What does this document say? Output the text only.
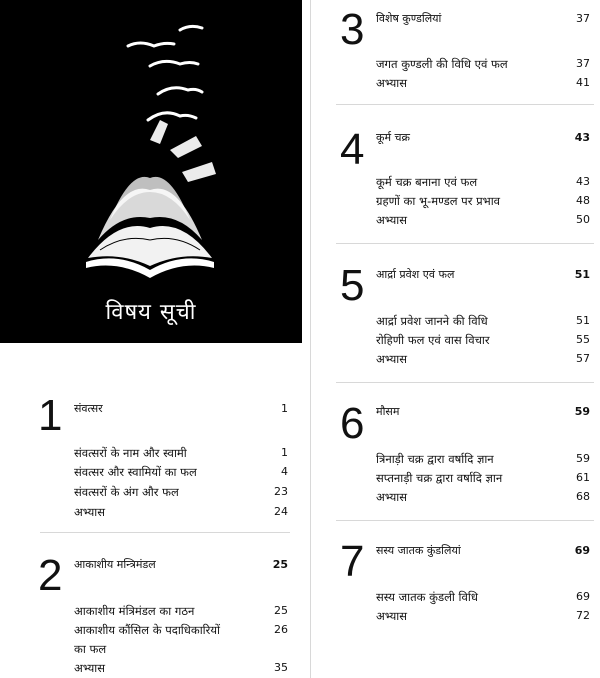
विषय सूची
1 संवत्सर	1
संवत्सरों के नाम और स्वामी	1
संवत्सर और स्वामियों का फल	4
संवत्सरों के अंग और फल	23
अभ्यास	24
2 आकाशीय मन्त्रिमंडल	25
आकाशीय मंत्रिमंडल का गठन	25
आकाशीय कौंसिल के पदाधिकारियों	26
का फल
अभ्यास	35
3 विशेष कुण्डलियां	37
जगत कुण्डली की विधि एवं फल	37
अभ्यास	41
4 कूर्म चक्र	43
कूर्म चक्र बनाना एवं फल	43
ग्रहणों का भू-मण्डल पर प्रभाव	48
अभ्यास	50
5 आर्द्रा प्रवेश एवं फल	51
आर्द्रा प्रवेश जानने की विधि	51
रोहिणी फल एवं वास विचार	55
अभ्यास	57
6 मौसम	59
त्रिनाड़ी चक्र द्वारा वर्षादि ज्ञान	59
सप्तनाड़ी चक्र द्वारा वर्षादि ज्ञान	61
अभ्यास	68
7 सस्य जातक कुंडलियां	69
सस्य जातक कुंडली विधि	69
अभ्यास	72
